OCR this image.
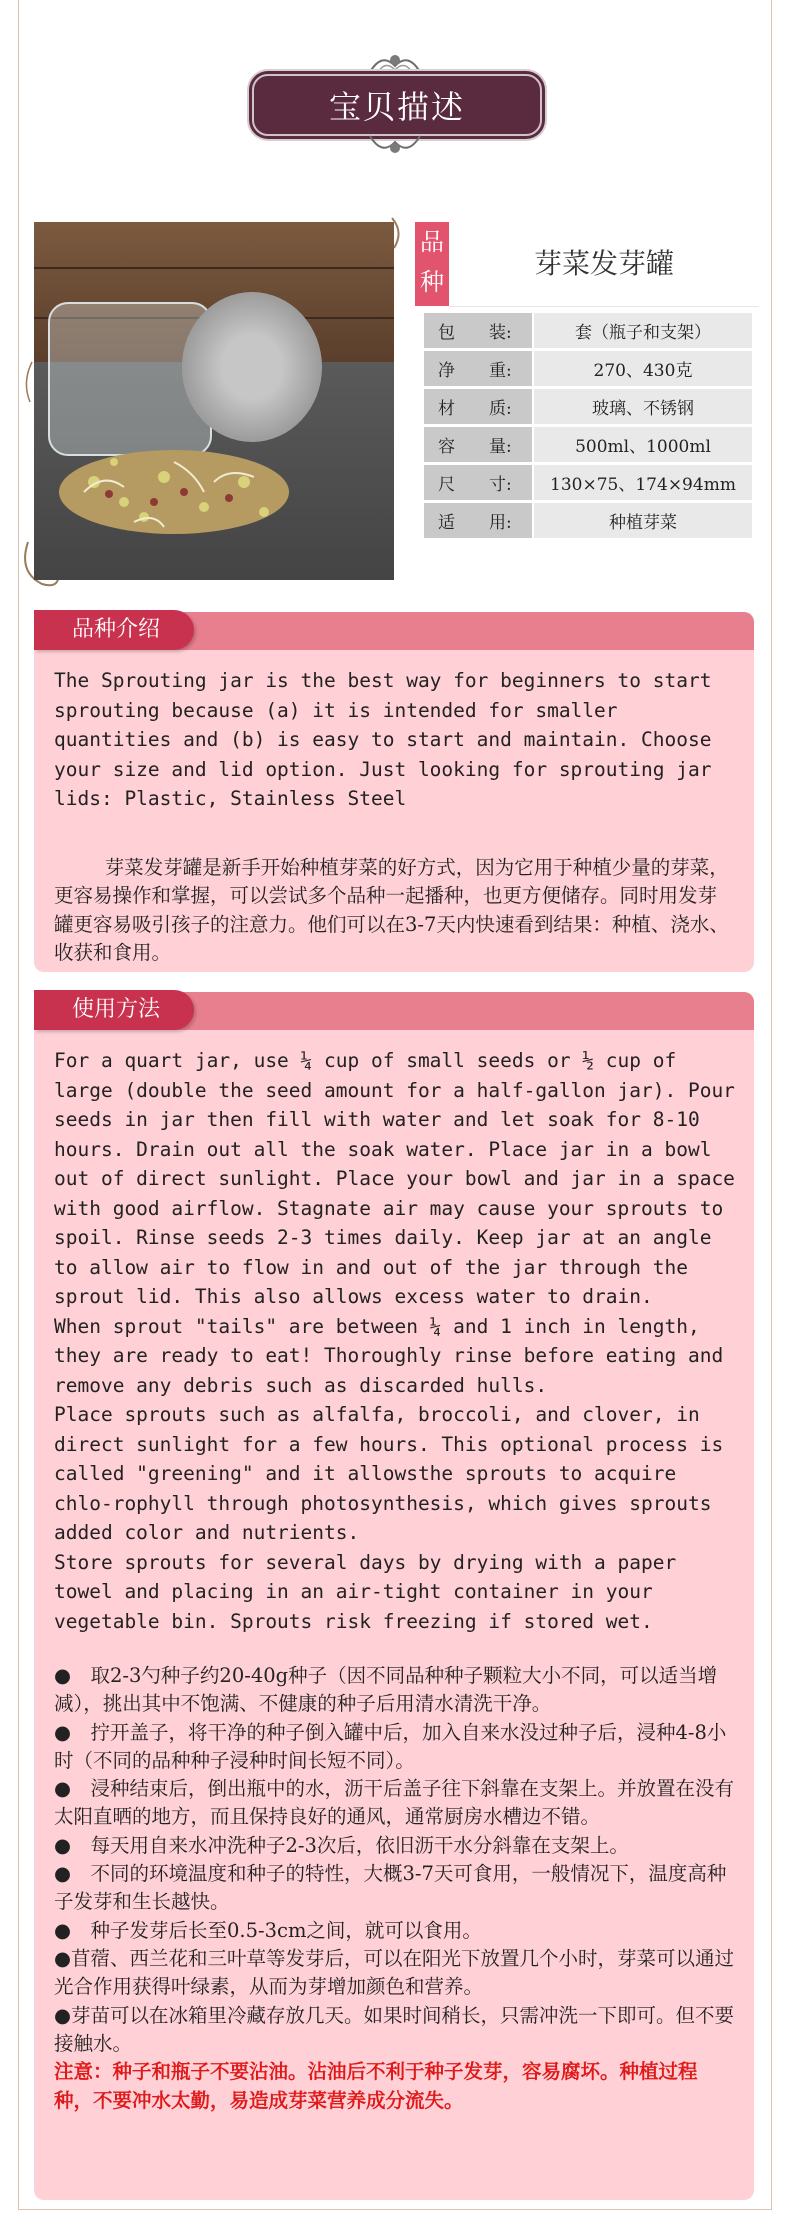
宝贝描述
品种
芽菜发芽罐
包　　装:	套（瓶子和支架）
净　　重:	270、430克
材　　质:	玻璃、不锈钢
容　　量:	500ml、1000ml
尺　　寸:	130×75、174×94mm
适　　用:	种植芽菜
品种介绍

The Sprouting jar is the best way for beginners to start sprouting because (a) it is intended for smaller quantities and (b) is easy to start and maintain. Choose your size and lid option. Just looking for sprouting jar lids: Plastic, Stainless Steel

芽菜发芽罐是新手开始种植芽菜的好方式，因为它用于种植少量的芽菜，更容易操作和掌握，可以尝试多个品种一起播种，也更方便储存。同时用发芽罐更容易吸引孩子的注意力。他们可以在3-7天内快速看到结果：种植、浇水、收获和食用。

使用方法

For a quart jar, use ¼ cup of small seeds or ½ cup of large (double the seed amount for a half-gallon jar). Pour seeds in jar then fill with water and let soak for 8-10 hours. Drain out all the soak water. Place jar in a bowl out of direct sunlight. Place your bowl and jar in a space with good airflow. Stagnate air may cause your sprouts to spoil. Rinse seeds 2-3 times daily. Keep jar at an angle to allow air to flow in and out of the jar through the sprout lid. This also allows excess water to drain.

When sprout "tails" are between ¼ and 1 inch in length, they are ready to eat! Thoroughly rinse before eating and remove any debris such as discarded hulls.

Place sprouts such as alfalfa, broccoli, and clover, in direct sunlight for a few hours. This optional process is called "greening" and it allowsthe sprouts to acquire chlo-rophyll through photosynthesis, which gives sprouts added color and nutrients.

Store sprouts for several days by drying with a paper towel and placing in an air-tight container in your vegetable bin. Sprouts risk freezing if stored wet.

●　取2-3勺种子约20-40g种子（因不同品种种子颗粒大小不同，可以适当增减），挑出其中不饱满、不健康的种子后用清水清洗干净。

●　拧开盖子，将干净的种子倒入罐中后，加入自来水没过种子后，浸种4-8小时（不同的品种种子浸种时间长短不同）。

●　浸种结束后，倒出瓶中的水，沥干后盖子往下斜靠在支架上。并放置在没有太阳直晒的地方，而且保持良好的通风，通常厨房水槽边不错。

●　每天用自来水冲洗种子2-3次后，依旧沥干水分斜靠在支架上。

●　不同的环境温度和种子的特性，大概3-7天可食用，一般情况下，温度高种子发芽和生长越快。

●　种子发芽后长至0.5-3cm之间，就可以食用。

●苜蓿、西兰花和三叶草等发芽后，可以在阳光下放置几个小时，芽菜可以通过光合作用获得叶绿素，从而为芽增加颜色和营养。

●芽苗可以在冰箱里冷藏存放几天。如果时间稍长，只需冲洗一下即可。但不要接触水。

注意：种子和瓶子不要沾油。沾油后不利于种子发芽，容易腐坏。种植过程种，不要冲水太勤，易造成芽菜营养成分流失。
